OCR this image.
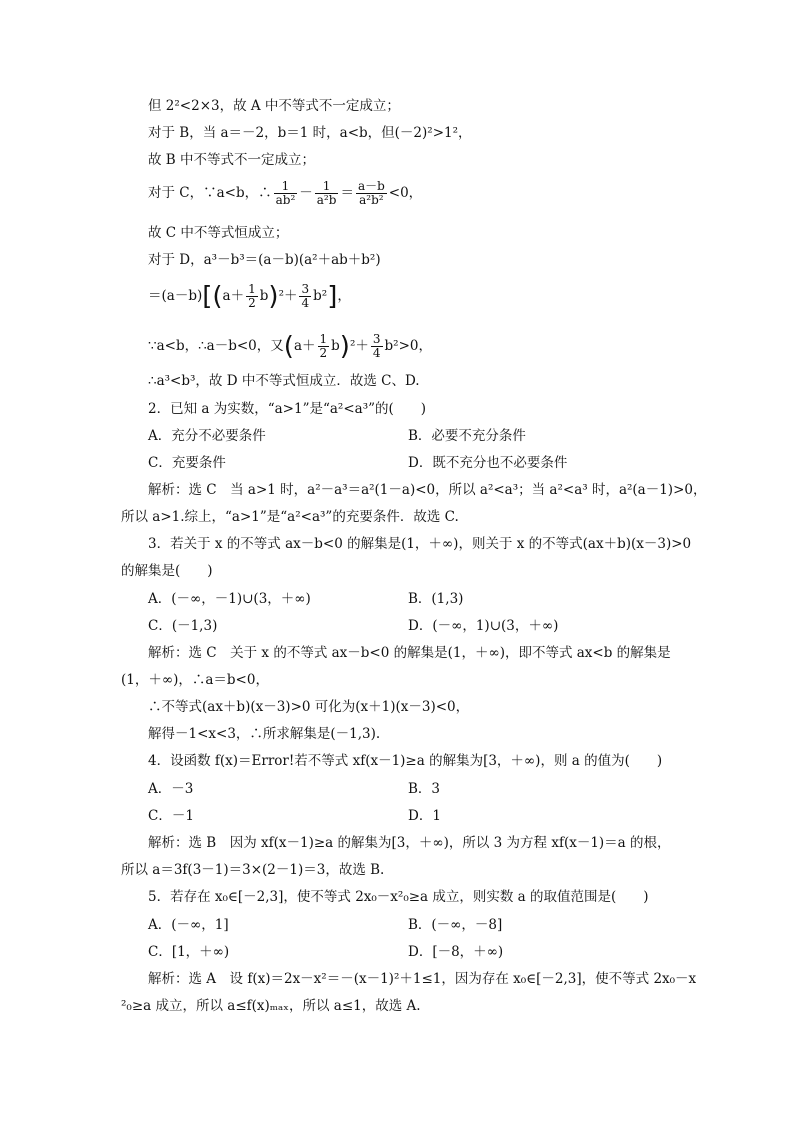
但 2²<2×3，故 A 中不等式不一定成立；
对于 B，当 a＝－2，b＝1 时，a<b，但(－2)²>1²，
故 B 中不等式不一定成立；
对于 C，∵a<b，∴ $\frac{1}{\text{ab²}} - \frac{1}{\text{a²b}} = \frac{a-b}{\text{a²b²}} <0$，
故 C 中不等式恒成立；
对于 D，a³－b³＝(a－b)(a²＋ab＋b²)
$=(a-b)[(a+ \frac{1}{2} b)^2+ \frac{3}{4} b^2]$，
∵a<b，∴a－b<0，又$(a+ \frac{1}{2} b)^2+ \frac{3}{4} b^2>0$，
∴a³<b³，故 D 中不等式恒成立．故选 C、D.
2．已知 a 为实数，“a>1”是“a²<a³”的(　　)
A．充分不必要条件	B．必要不充分条件
C．充要条件	D．既不充分也不必要条件
解析：选 C　当 a>1 时，a²－a³＝a²(1－a)<0，所以 a²<a³；当 a²<a³ 时，a²(a－1)>0，
所以 a>1.综上，“a>1”是“a²<a³”的充要条件．故选 C.
3．若关于 x 的不等式 ax－b<0 的解集是(1，＋∞)，则关于 x 的不等式(ax＋b)(x－3)>0
的解集是(　　)
A．(－∞，－1)∪(3，＋∞)	B．(1,3)
C．(－1,3)	D．(－∞，1)∪(3，＋∞)
解析：选 C　关于 x 的不等式 ax－b<0 的解集是(1，＋∞)，即不等式 ax<b 的解集是
(1，＋∞)，∴a＝b<0，
∴不等式(ax＋b)(x－3)>0 可化为(x＋1)(x－3)<0，
解得－1<x<3，∴所求解集是(－1,3).
4．设函数 f(x)＝Error!若不等式 xf(x－1)≥a 的解集为[3，＋∞)，则 a 的值为(　　)
A．－3	B．3
C．－1	D．1
解析：选 B　因为 xf(x－1)≥a 的解集为[3，＋∞)，所以 3 为方程 xf(x－1)＝a 的根，
所以 a＝3f(3－1)＝3×(2－1)＝3，故选 B.
5．若存在 x₀∈[－2,3]，使不等式 2x₀－x²₀≥a 成立，则实数 a 的取值范围是(　　)
A．(－∞，1]	B．(－∞，－8]
C．[1，＋∞)	D．[－8，＋∞)
解析：选 A　设 f(x)＝2x－x²＝－(x－1)²＋1≤1，因为存在 x₀∈[－2,3]，使不等式 2x₀－x
²₀≥a 成立，所以 a≤f(x)ₘₐₓ，所以 a≤1，故选 A.
